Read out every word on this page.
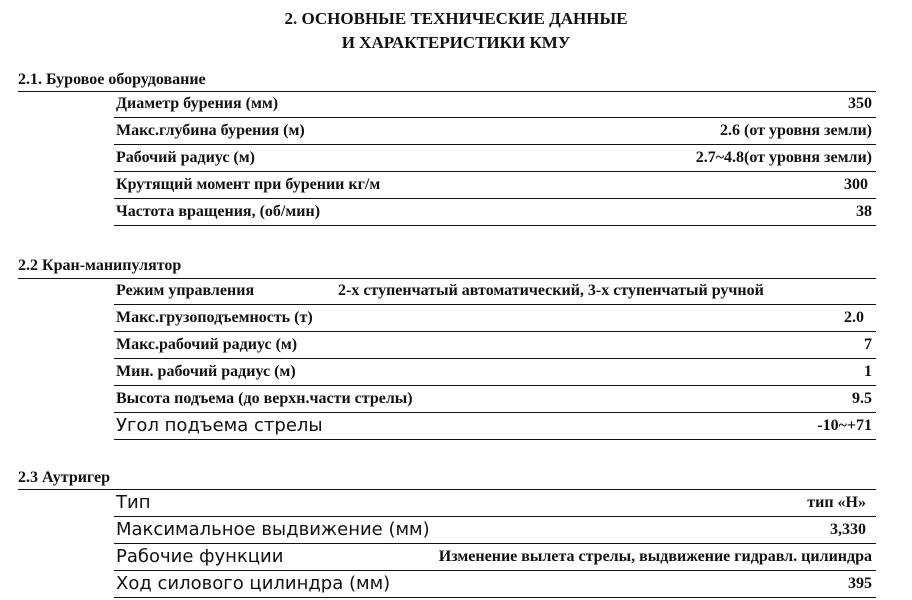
2. ОСНОВНЫЕ ТЕХНИЧЕСКИЕ ДАННЫЕ
И ХАРАКТЕРИСТИКИ КМУ
2.1. Буровое оборудование
Диаметр бурения (мм)	350
Макс.глубина бурения (м)	2.6 (от уровня земли)
Рабочий радиус (м)	2.7~4.8(от уровня земли)
Крутящий момент при бурении кг/м	300
Частота вращения, (об/мин)	38
2.2 Кран-манипулятор
Режим управления	2-х ступенчатый автоматический, 3-х ступенчатый ручной
Макс.грузоподъемность (т)	2.0
Макс.рабочий радиус (м)	7
Мин. рабочий радиус (м)	1
Высота подъема (до верхн.части стрелы)	9.5
Угол подъема стрелы	-10~+71
2.3 Аутригер
Тип	тип «Н»
Максимальное выдвижение (мм)	3,330
Рабочие функции	Изменение вылета стрелы, выдвижение гидравл. цилиндра
Ход силового цилиндра (мм)	395
